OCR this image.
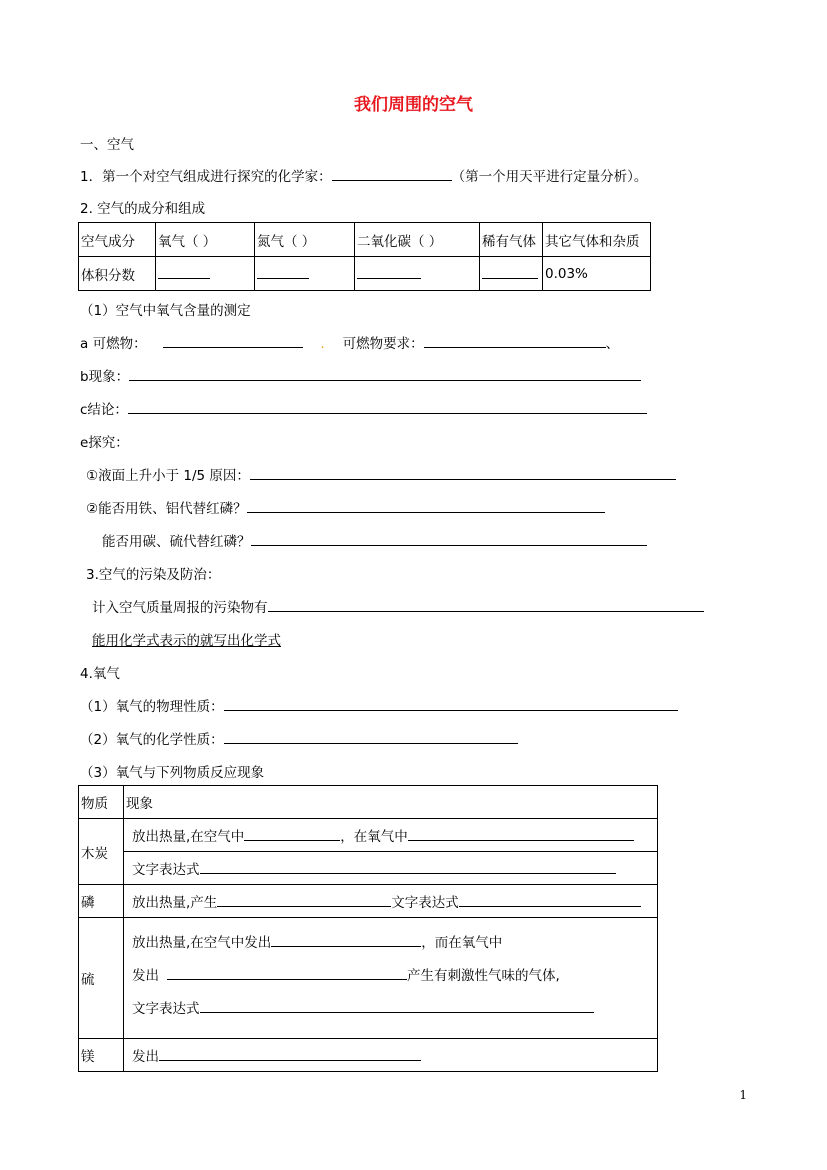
我们周围的空气
一、空气
1．第一个对空气组成进行探究的化学家：	（第一个用天平进行定量分析）。
2. 空气的成分和组成
空气成分	氧气（ ）	氮气（ ）	二氧化碳（ ）	稀有气体	其它气体和杂质
体积分数					0.03%
（1）空气中氧气含量的测定
a 可燃物：	. 可燃物要求：	、
b现象：
c结论：
e探究：
①液面上升小于 1/5 原因：
②能否用铁、铝代替红磷？
能否用碳、硫代替红磷？
3.空气的污染及防治：
计入空气质量周报的污染物有
能用化学式表示的就写出化学式
4.氧气
（1）氧气的物理性质：
（2）氧气的化学性质：
（3）氧气与下列物质反应现象
物质	现象
木炭	放出热量,在空气中 ，在氧气中
	文字表达式
磷	放出热量,产生 文字表达式
硫	放出热量,在空气中发出 ，而在氧气中
发出 产生有刺激性气味的气体,
文字表达式

镁	发出
1
